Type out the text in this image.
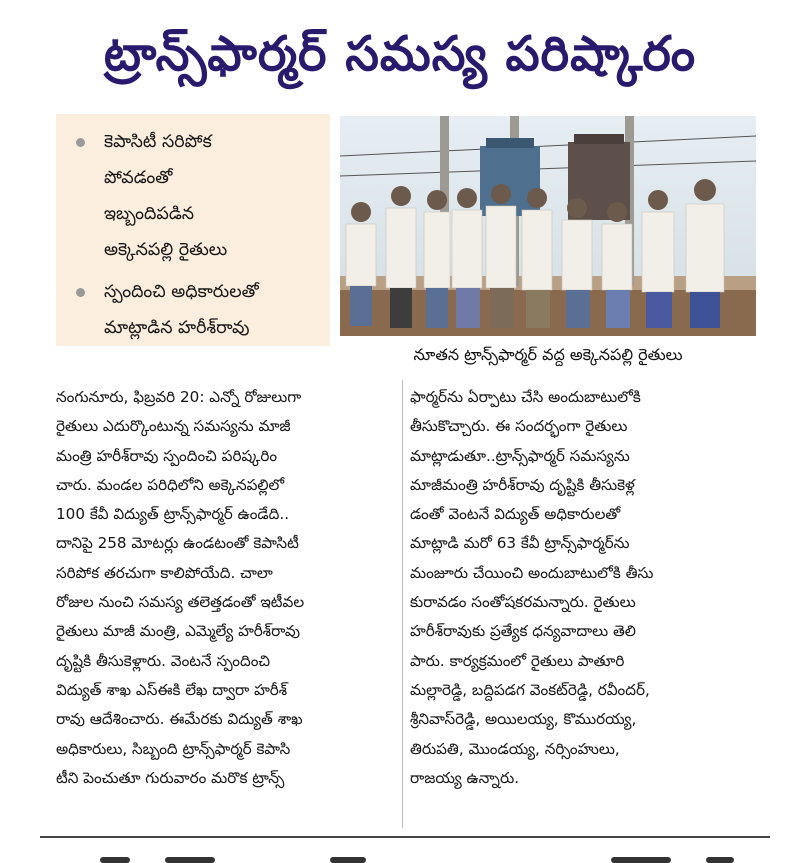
ట్రాన్స్‌ఫార్మర్ సమస్య పరిష్కారం
కెపాసిటీ సరిపోక
పోవడంతో
ఇబ్బందిపడిన
అక్కెనపల్లి రైతులు
స్పందించి అధికారులతో
మాట్లాడిన హరీశ్‌రావు
నూతన ట్రాన్స్‌ఫార్మర్ వద్ద అక్కెనపల్లి రైతులు

నంగునూరు, ఫిబ్రవరి 20: ఎన్నో రోజులుగా

రైతులు ఎదుర్కొంటున్న సమస్యను మాజీ

మంత్రి హరీశ్‌రావు స్పందించి పరిష్కరిం

చారు. మండల పరిధిలోని అక్కెనపల్లిలో

100 కేవీ విద్యుత్ ట్రాన్స్‌ఫార్మర్ ఉండేది..

దానిపై 258 మోటర్లు ఉండటంతో కెపాసిటీ

సరిపోక తరచుగా కాలిపోయేది. చాలా

రోజుల నుంచి సమస్య తలెత్తడంతో ఇటీవల

రైతులు మాజీ మంత్రి, ఎమ్మెల్యే హరీశ్‌రావు

దృష్టికి తీసుకెళ్లారు. వెంటనే స్పందించి

విద్యుత్ శాఖ ఎస్ఈకి లేఖ ద్వారా హరీశ్

రావు ఆదేశించారు. ఈమేరకు విద్యుత్ శాఖ

అధికారులు, సిబ్బంది ట్రాన్స్‌ఫార్మర్ కెపాసి

టీని పెంచుతూ గురువారం మరొక ట్రాన్స్

ఫార్మర్‌ను ఏర్పాటు చేసి అందుబాటులోకి

తీసుకొచ్చారు. ఈ సందర్భంగా రైతులు

మాట్లాడుతూ..ట్రాన్స్‌ఫార్మర్ సమస్యను

మాజీమంత్రి హరీశ్‌రావు దృష్టికి తీసుకెళ్ల

డంతో వెంటనే విద్యుత్ అధికారులతో

మాట్లాడి మరో 63 కేవీ ట్రాన్స్‌ఫార్మర్‌ను

మంజూరు చేయించి అందుబాటులోకి తీసు

కురావడం సంతోషకరమన్నారు. రైతులు

హరీశ్‌రావుకు ప్రత్యేక ధన్యవాదాలు తెలి

పారు. కార్యక్రమంలో రైతులు పాతూరి

మల్లారెడ్డి, బద్దిపడగ వెంకట్‌రెడ్డి, రవీందర్,

శ్రీనివాస్‌రెడ్డి, అయిలయ్య, కొమురయ్య,

తిరుపతి, మొండయ్య, నర్సింహులు,

రాజయ్య ఉన్నారు.
